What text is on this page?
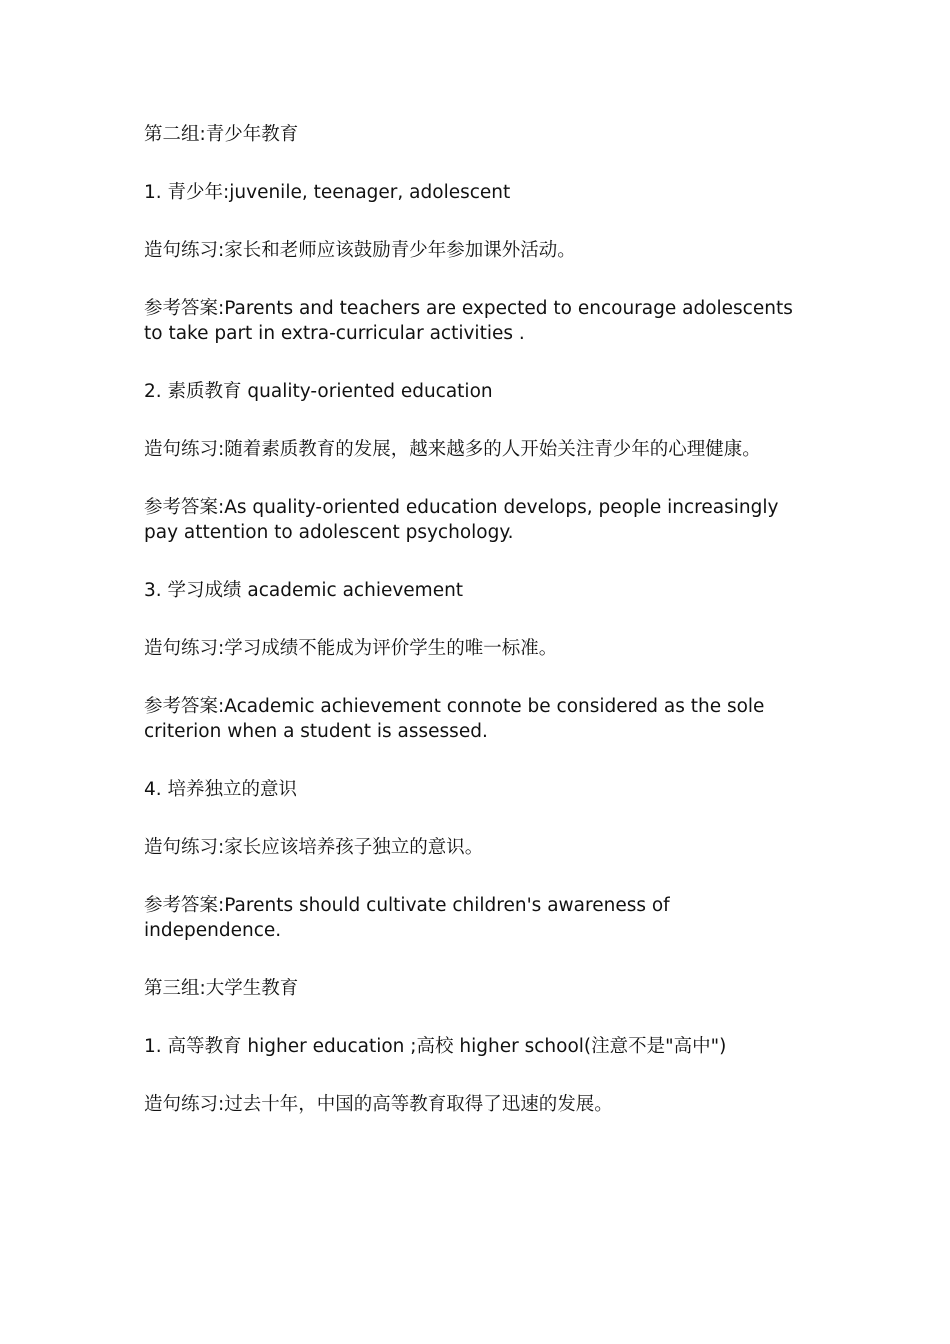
第二组:青少年教育

1. 青少年:juvenile, teenager, adolescent

造句练习:家长和老师应该鼓励青少年参加课外活动。

参考答案:Parents and teachers are expected to encourage adolescents to take part in extra-curricular activities .

2. 素质教育 quality-oriented education

造句练习:随着素质教育的发展，越来越多的人开始关注青少年的心理健康。

参考答案:As quality-oriented education develops, people increasingly pay attention to adolescent psychology.

3. 学习成绩 academic achievement

造句练习:学习成绩不能成为评价学生的唯一标准。

参考答案:Academic achievement connote be considered as the sole criterion when a student is assessed.

4. 培养独立的意识

造句练习:家长应该培养孩子独立的意识。

参考答案:Parents should cultivate children's awareness of independence.

第三组:大学生教育

1. 高等教育 higher education ;高校 higher school(注意不是"高中")

造句练习:过去十年，中国的高等教育取得了迅速的发展。
